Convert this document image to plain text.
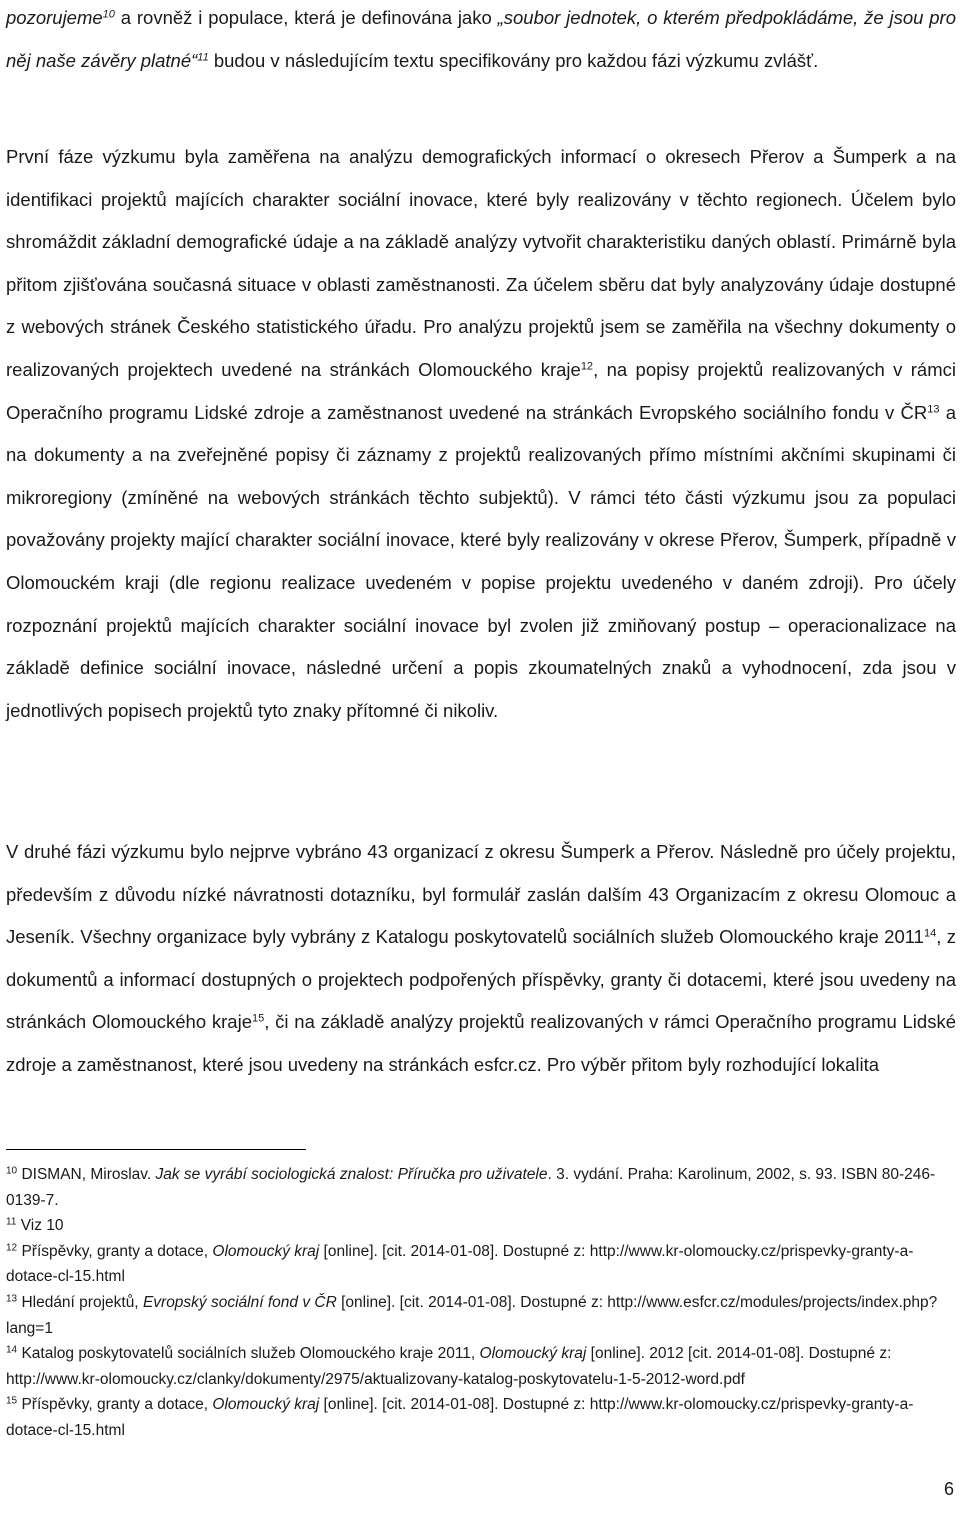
pozorujeme$^{10}$ a rovněž i populace, která je definována jako „soubor jednotek, o kterém předpokládáme, že jsou pro něj naše závěry platné“$^{11}$ budou v následujícím textu specifikovány pro každou fázi výzkumu zvlášť.

První fáze výzkumu byla zaměřena na analýzu demografických informací o okresech Přerov a Šumperk a na identifikaci projektů majících charakter sociální inovace, které byly realizovány v těchto regionech. Účelem bylo shromáždit základní demografické údaje a na základě analýzy vytvořit charakteristiku daných oblastí. Primárně byla přitom zjišťována současná situace v oblasti zaměstnanosti. Za účelem sběru dat byly analyzovány údaje dostupné z webových stránek Českého statistického úřadu. Pro analýzu projektů jsem se zaměřila na všechny dokumenty o realizovaných projektech uvedené na stránkách Olomouckého kraje$^{12}$, na popisy projektů realizovaných v rámci Operačního programu Lidské zdroje a zaměstnanost uvedené na stránkách Evropského sociálního fondu v ČR$^{13}$ a na dokumenty a na zveřejněné popisy či záznamy z projektů realizovaných přímo místními akčními skupinami či mikroregiony (zmíněné na webových stránkách těchto subjektů). V rámci této části výzkumu jsou za populaci považovány projekty mající charakter sociální inovace, které byly realizovány v okrese Přerov, Šumperk, případně v Olomouckém kraji (dle regionu realizace uvedeném v popise projektu uvedeného v daném zdroji). Pro účely rozpoznání projektů majících charakter sociální inovace byl zvolen již zmiňovaný postup – operacionalizace na základě definice sociální inovace, následné určení a popis zkoumatelných znaků a vyhodnocení, zda jsou v jednotlivých popisech projektů tyto znaky přítomné či nikoliv.

V druhé fázi výzkumu bylo nejprve vybráno 43 organizací z okresu Šumperk a Přerov. Následně pro účely projektu, především z důvodu nízké návratnosti dotazníku, byl formulář zaslán dalším 43 Organizacím z okresu Olomouc a Jeseník. Všechny organizace byly vybrány z Katalogu poskytovatelů sociálních služeb Olomouckého kraje 2011$^{14}$, z dokumentů a informací dostupných o projektech podpořených příspěvky, granty či dotacemi, které jsou uvedeny na stránkách Olomouckého kraje$^{15}$, či na základě analýzy projektů realizovaných v rámci Operačního programu Lidské zdroje a zaměstnanost, které jsou uvedeny na stránkách esfcr.cz. Pro výběr přitom byly rozhodující lokalita

$^{10}$ DISMAN, Miroslav. Jak se vyrábí sociologická znalost: Příručka pro uživatele. 3. vydání. Praha: Karolinum, 2002, s. 93. ISBN 80-246-0139-7.

$^{11}$ Viz 10

$^{12}$ Příspěvky, granty a dotace, Olomoucký kraj [online]. [cit. 2014-01-08]. Dostupné z: http://www.kr-olomoucky.cz/prispevky-granty-a-dotace-cl-15.html

$^{13}$ Hledání projektů, Evropský sociální fond v ČR [online]. [cit. 2014-01-08]. Dostupné z: http://www.esfcr.cz/modules/projects/index.php?lang=1

$^{14}$ Katalog poskytovatelů sociálních služeb Olomouckého kraje 2011, Olomoucký kraj [online]. 2012 [cit. 2014-01-08]. Dostupné z: http://www.kr-olomoucky.cz/clanky/dokumenty/2975/aktualizovany-katalog-poskytovatelu-1-5-2012-word.pdf

$^{15}$ Příspěvky, granty a dotace, Olomoucký kraj [online]. [cit. 2014-01-08]. Dostupné z: http://www.kr-olomoucky.cz/prispevky-granty-a-dotace-cl-15.html

6
